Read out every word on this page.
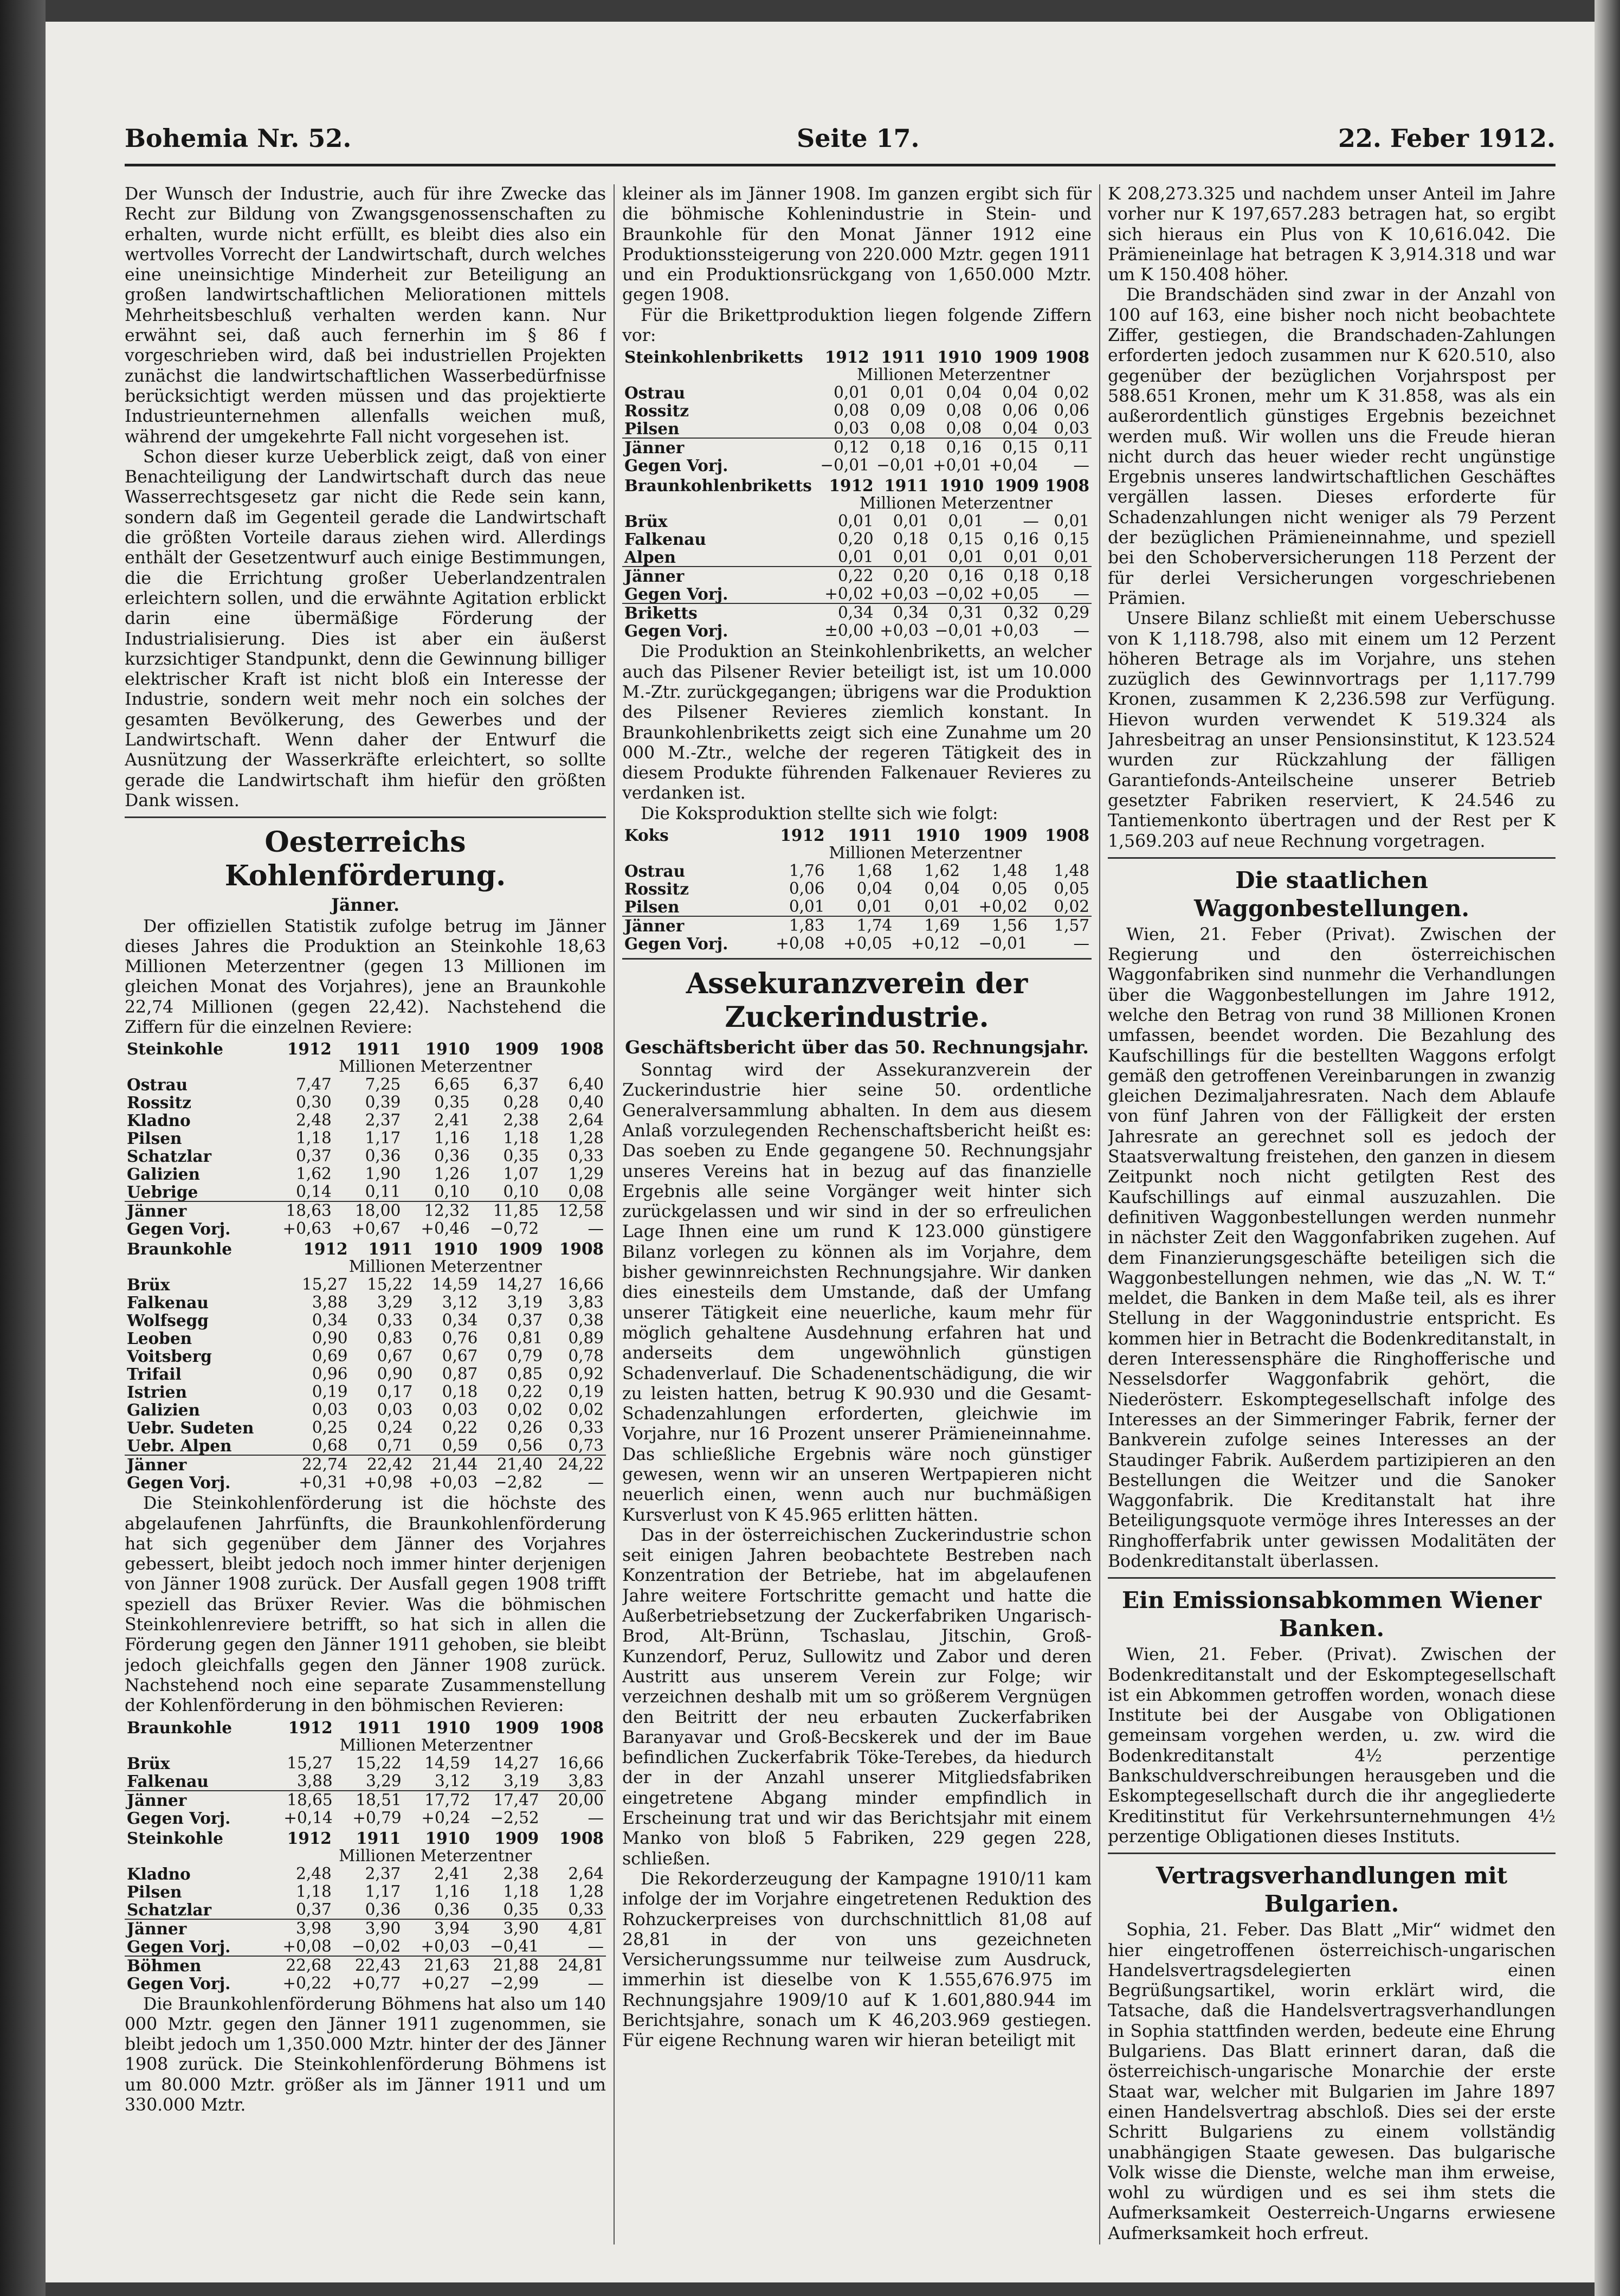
Bohemia Nr. 52.	Seite 17.	22. Feber 1912.

Der Wunsch der Industrie, auch für ihre Zwecke das Recht zur Bildung von Zwangsgenossenschaften zu erhalten, wurde nicht erfüllt, es bleibt dies also ein wertvolles Vorrecht der Landwirtschaft, durch welches eine uneinsichtige Minderheit zur Beteiligung an großen landwirtschaftlichen Meliorationen mittels Mehrheitsbeschluß verhalten werden kann. Nur erwähnt sei, daß auch fernerhin im § 86 f vorgeschrieben wird, daß bei industriellen Projekten zunächst die landwirtschaftlichen Wasserbedürfnisse berücksichtigt werden müssen und das projektierte Industrieunternehmen allenfalls weichen muß, während der umgekehrte Fall nicht vorgesehen ist.

Schon dieser kurze Ueberblick zeigt, daß von einer Benachteiligung der Landwirtschaft durch das neue Wasserrechtsgesetz gar nicht die Rede sein kann, sondern daß im Gegenteil gerade die Landwirtschaft die größten Vorteile daraus ziehen wird. Allerdings enthält der Gesetzentwurf auch einige Bestimmungen, die die Errichtung großer Ueberlandzentralen erleichtern sollen, und die erwähnte Agitation erblickt darin eine übermäßige Förderung der Industrialisierung. Dies ist aber ein äußerst kurzsichtiger Standpunkt, denn die Gewinnung billiger elektrischer Kraft ist nicht bloß ein Interesse der Industrie, sondern weit mehr noch ein solches der gesamten Bevölkerung, des Gewerbes und der Landwirtschaft. Wenn daher der Entwurf die Ausnützung der Wasserkräfte erleichtert, so sollte gerade die Landwirtschaft ihm hiefür den größten Dank wissen.

Oesterreichs Kohlenförderung.
Jänner.

Der offiziellen Statistik zufolge betrug im Jänner dieses Jahres die Produktion an Steinkohle 18,63 Millionen Meterzentner (gegen 13 Millionen im gleichen Monat des Vorjahres), jene an Braunkohle 22,74 Millionen (gegen 22,42). Nachstehend die Ziffern für die einzelnen Reviere:

Steinkohle	1912	1911	1910	1909	1908
	Millionen Meterzentner				
Ostrau	7,47	7,25	6,65	6,37	6,40
Rossitz	0,30	0,39	0,35	0,28	0,40
Kladno	2,48	2,37	2,41	2,38	2,64
Pilsen	1,18	1,17	1,16	1,18	1,28
Schatzlar	0,37	0,36	0,36	0,35	0,33
Galizien	1,62	1,90	1,26	1,07	1,29
Uebrige	0,14	0,11	0,10	0,10	0,08
Jänner	18,63	18,00	12,32	11,85	12,58
Gegen Vorj.	+0,63	+0,67	+0,46	−0,72	—
Braunkohle	1912	1911	1910	1909	1908
	Millionen Meterzentner				
Brüx	15,27	15,22	14,59	14,27	16,66
Falkenau	3,88	3,29	3,12	3,19	3,83
Wolfsegg	0,34	0,33	0,34	0,37	0,38
Leoben	0,90	0,83	0,76	0,81	0,89
Voitsberg	0,69	0,67	0,67	0,79	0,78
Trifail	0,96	0,90	0,87	0,85	0,92
Istrien	0,19	0,17	0,18	0,22	0,19
Galizien	0,03	0,03	0,03	0,02	0,02
Uebr. Sudeten	0,25	0,24	0,22	0,26	0,33
Uebr. Alpen	0,68	0,71	0,59	0,56	0,73
Jänner	22,74	22,42	21,44	21,40	24,22
Gegen Vorj.	+0,31	+0,98	+0,03	−2,82	—

Die Steinkohlenförderung ist die höchste des abgelaufenen Jahrfünfts, die Braunkohlenförderung hat sich gegenüber dem Jänner des Vorjahres gebessert, bleibt jedoch noch immer hinter derjenigen von Jänner 1908 zurück. Der Ausfall gegen 1908 trifft speziell das Brüxer Revier. Was die böhmischen Steinkohlenreviere betrifft, so hat sich in allen die Förderung gegen den Jänner 1911 gehoben, sie bleibt jedoch gleichfalls gegen den Jänner 1908 zurück. Nachstehend noch eine separate Zusammenstellung der Kohlenförderung in den böhmischen Revieren:

Braunkohle	1912	1911	1910	1909	1908
	Millionen Meterzentner				
Brüx	15,27	15,22	14,59	14,27	16,66
Falkenau	3,88	3,29	3,12	3,19	3,83
Jänner	18,65	18,51	17,72	17,47	20,00
Gegen Vorj.	+0,14	+0,79	+0,24	−2,52	—
Steinkohle	1912	1911	1910	1909	1908
	Millionen Meterzentner				
Kladno	2,48	2,37	2,41	2,38	2,64
Pilsen	1,18	1,17	1,16	1,18	1,28
Schatzlar	0,37	0,36	0,36	0,35	0,33
Jänner	3,98	3,90	3,94	3,90	4,81
Gegen Vorj.	+0,08	−0,02	+0,03	−0,41	—
Böhmen	22,68	22,43	21,63	21,88	24,81
Gegen Vorj.	+0,22	+0,77	+0,27	−2,99	—

Die Braunkohlenförderung Böhmens hat also um 140 000 Mztr. gegen den Jänner 1911 zugenommen, sie bleibt jedoch um 1,350.000 Mztr. hinter der des Jänner 1908 zurück. Die Steinkohlenförderung Böhmens ist um 80.000 Mztr. größer als im Jänner 1911 und um 330.000 Mztr.

kleiner als im Jänner 1908. Im ganzen ergibt sich für die böhmische Kohlenindustrie in Stein- und Braunkohle für den Monat Jänner 1912 eine Produktionssteigerung von 220.000 Mztr. gegen 1911 und ein Produktionsrückgang von 1,650.000 Mztr. gegen 1908.

Für die Brikettproduktion liegen folgende Ziffern vor:

Steinkohlenbriketts	1912	1911	1910	1909	1908
	Millionen Meterzentner				
Ostrau	0,01	0,01	0,04	0,04	0,02
Rossitz	0,08	0,09	0,08	0,06	0,06
Pilsen	0,03	0,08	0,08	0,04	0,03
Jänner	0,12	0,18	0,16	0,15	0,11
Gegen Vorj.	−0,01	−0,01	+0,01	+0,04	—
Braunkohlenbriketts	1912	1911	1910	1909	1908
	Millionen Meterzentner				
Brüx	0,01	0,01	0,01	—	0,01
Falkenau	0,20	0,18	0,15	0,16	0,15
Alpen	0,01	0,01	0,01	0,01	0,01
Jänner	0,22	0,20	0,16	0,18	0,18
Gegen Vorj.	+0,02	+0,03	−0,02	+0,05	—
Briketts	0,34	0,34	0,31	0,32	0,29
Gegen Vorj.	±0,00	+0,03	−0,01	+0,03	—

Die Produktion an Steinkohlenbriketts, an welcher auch das Pilsener Revier beteiligt ist, ist um 10.000 M.-Ztr. zurückgegangen; übrigens war die Produktion des Pilsener Revieres ziemlich konstant. In Braunkohlenbriketts zeigt sich eine Zunahme um 20 000 M.-Ztr., welche der regeren Tätigkeit des in diesem Produkte führenden Falkenauer Revieres zu verdanken ist.

Die Koksproduktion stellte sich wie folgt:

Koks	1912	1911	1910	1909	1908
	Millionen Meterzentner				
Ostrau	1,76	1,68	1,62	1,48	1,48
Rossitz	0,06	0,04	0,04	0,05	0,05
Pilsen	0,01	0,01	0,01	+0,02	0,02
Jänner	1,83	1,74	1,69	1,56	1,57
Gegen Vorj.	+0,08	+0,05	+0,12	−0,01	—
Assekuranzverein der Zuckerindustrie.
Geschäftsbericht über das 50. Rechnungsjahr.

Sonntag wird der Assekuranzverein der Zuckerindustrie hier seine 50. ordentliche Generalversammlung abhalten. In dem aus diesem Anlaß vorzulegenden Rechenschaftsbericht heißt es: Das soeben zu Ende gegangene 50. Rechnungsjahr unseres Vereins hat in bezug auf das finanzielle Ergebnis alle seine Vorgänger weit hinter sich zurückgelassen und wir sind in der so erfreulichen Lage Ihnen eine um rund K 123.000 günstigere Bilanz vorlegen zu können als im Vorjahre, dem bisher gewinnreichsten Rechnungsjahre. Wir danken dies einesteils dem Umstande, daß der Umfang unserer Tätigkeit eine neuerliche, kaum mehr für möglich gehaltene Ausdehnung erfahren hat und anderseits dem ungewöhnlich günstigen Schadenverlauf. Die Schadenentschädigung, die wir zu leisten hatten, betrug K 90.930 und die Gesamt-Schadenzahlungen erforderten, gleichwie im Vorjahre, nur 16 Prozent unserer Prämieneinnahme. Das schließliche Ergebnis wäre noch günstiger gewesen, wenn wir an unseren Wertpapieren nicht neuerlich einen, wenn auch nur buchmäßigen Kursverlust von K 45.965 erlitten hätten.

Das in der österreichischen Zuckerindustrie schon seit einigen Jahren beobachtete Bestreben nach Konzentration der Betriebe, hat im abgelaufenen Jahre weitere Fortschritte gemacht und hatte die Außerbetriebsetzung der Zuckerfabriken Ungarisch-Brod, Alt-Brünn, Tschaslau, Jitschin, Groß-Kunzendorf, Peruz, Sullowitz und Zabor und deren Austritt aus unserem Verein zur Folge; wir verzeichnen deshalb mit um so größerem Vergnügen den Beitritt der neu erbauten Zuckerfabriken Baranyavar und Groß-Becskerek und der im Baue befindlichen Zuckerfabrik Töke-Terebes, da hiedurch der in der Anzahl unserer Mitgliedsfabriken eingetretene Abgang minder empfindlich in Erscheinung trat und wir das Berichtsjahr mit einem Manko von bloß 5 Fabriken, 229 gegen 228, schließen.

Die Rekorderzeugung der Kampagne 1910/11 kam infolge der im Vorjahre eingetretenen Reduktion des Rohzuckerpreises von durchschnittlich 81,08 auf 28,81 in der von uns gezeichneten Versicherungssumme nur teilweise zum Ausdruck, immerhin ist dieselbe von K 1.555,676.975 im Rechnungsjahre 1909/10 auf K 1.601,880.944 im Berichtsjahre, sonach um K 46,203.969 gestiegen. Für eigene Rechnung waren wir hieran beteiligt mit

K 208,273.325 und nachdem unser Anteil im Jahre vorher nur K 197,657.283 betragen hat, so ergibt sich hieraus ein Plus von K 10,616.042. Die Prämieneinlage hat betragen K 3,914.318 und war um K 150.408 höher.

Die Brandschäden sind zwar in der Anzahl von 100 auf 163, eine bisher noch nicht beobachtete Ziffer, gestiegen, die Brandschaden-Zahlungen erforderten jedoch zusammen nur K 620.510, also gegenüber der bezüglichen Vorjahrspost per 588.651 Kronen, mehr um K 31.858, was als ein außerordentlich günstiges Ergebnis bezeichnet werden muß. Wir wollen uns die Freude hieran nicht durch das heuer wieder recht ungünstige Ergebnis unseres landwirtschaftlichen Geschäftes vergällen lassen. Dieses erforderte für Schadenzahlungen nicht weniger als 79 Perzent der bezüglichen Prämieneinnahme, und speziell bei den Schoberversicherungen 118 Perzent der für derlei Versicherungen vorgeschriebenen Prämien.

Unsere Bilanz schließt mit einem Ueberschusse von K 1,118.798, also mit einem um 12 Perzent höheren Betrage als im Vorjahre, uns stehen zuzüglich des Gewinnvortrags per 1,117.799 Kronen, zusammen K 2,236.598 zur Verfügung. Hievon wurden verwendet K 519.324 als Jahresbeitrag an unser Pensionsinstitut, K 123.524 wurden zur Rückzahlung der fälligen Garantiefonds-Anteilscheine unserer Betrieb gesetzter Fabriken reserviert, K 24.546 zu Tantiemenkonto übertragen und der Rest per K 1,569.203 auf neue Rechnung vorgetragen.

Die staatlichen Waggonbestellungen.

Wien, 21. Feber (Privat). Zwischen der Regierung und den österreichischen Waggonfabriken sind nunmehr die Verhandlungen über die Waggonbestellungen im Jahre 1912, welche den Betrag von rund 38 Millionen Kronen umfassen, beendet worden. Die Bezahlung des Kaufschillings für die bestellten Waggons erfolgt gemäß den getroffenen Vereinbarungen in zwanzig gleichen Dezimaljahresraten. Nach dem Ablaufe von fünf Jahren von der Fälligkeit der ersten Jahresrate an gerechnet soll es jedoch der Staatsverwaltung freistehen, den ganzen in diesem Zeitpunkt noch nicht getilgten Rest des Kaufschillings auf einmal auszuzahlen. Die definitiven Waggonbestellungen werden nunmehr in nächster Zeit den Waggonfabriken zugehen. Auf dem Finanzierungsgeschäfte beteiligen sich die Waggonbestellungen nehmen, wie das „N. W. T.“ meldet, die Banken in dem Maße teil, als es ihrer Stellung in der Waggonindustrie entspricht. Es kommen hier in Betracht die Bodenkreditanstalt, in deren Interessensphäre die Ringhofferische und Nesselsdorfer Waggonfabrik gehört, die Niederösterr. Eskomptegesellschaft infolge des Interesses an der Simmeringer Fabrik, ferner der Bankverein zufolge seines Interesses an der Staudinger Fabrik. Außerdem partizipieren an den Bestellungen die Weitzer und die Sanoker Waggonfabrik. Die Kreditanstalt hat ihre Beteiligungsquote vermöge ihres Interesses an der Ringhofferfabrik unter gewissen Modalitäten der Bodenkreditanstalt überlassen.

Ein Emissionsabkommen Wiener Banken.

Wien, 21. Feber. (Privat). Zwischen der Bodenkreditanstalt und der Eskomptegesellschaft ist ein Abkommen getroffen worden, wonach diese Institute bei der Ausgabe von Obligationen gemeinsam vorgehen werden, u. zw. wird die Bodenkreditanstalt 4½ perzentige Bankschuldverschreibungen herausgeben und die Eskomptegesellschaft durch die ihr angegliederte Kreditinstitut für Verkehrsunternehmungen 4½ perzentige Obligationen dieses Instituts.

Vertragsverhandlungen mit Bulgarien.

Sophia, 21. Feber. Das Blatt „Mir“ widmet den hier eingetroffenen österreichisch-ungarischen Handelsvertragsdelegierten einen Begrüßungsartikel, worin erklärt wird, die Tatsache, daß die Handelsvertragsverhandlungen in Sophia stattfinden werden, bedeute eine Ehrung Bulgariens. Das Blatt erinnert daran, daß die österreichisch-ungarische Monarchie der erste Staat war, welcher mit Bulgarien im Jahre 1897 einen Handelsvertrag abschloß. Dies sei der erste Schritt Bulgariens zu einem vollständig unabhängigen Staate gewesen. Das bulgarische Volk wisse die Dienste, welche man ihm erweise, wohl zu würdigen und es sei ihm stets die Aufmerksamkeit Oesterreich-Ungarns erwiesene Aufmerksamkeit hoch erfreut.
